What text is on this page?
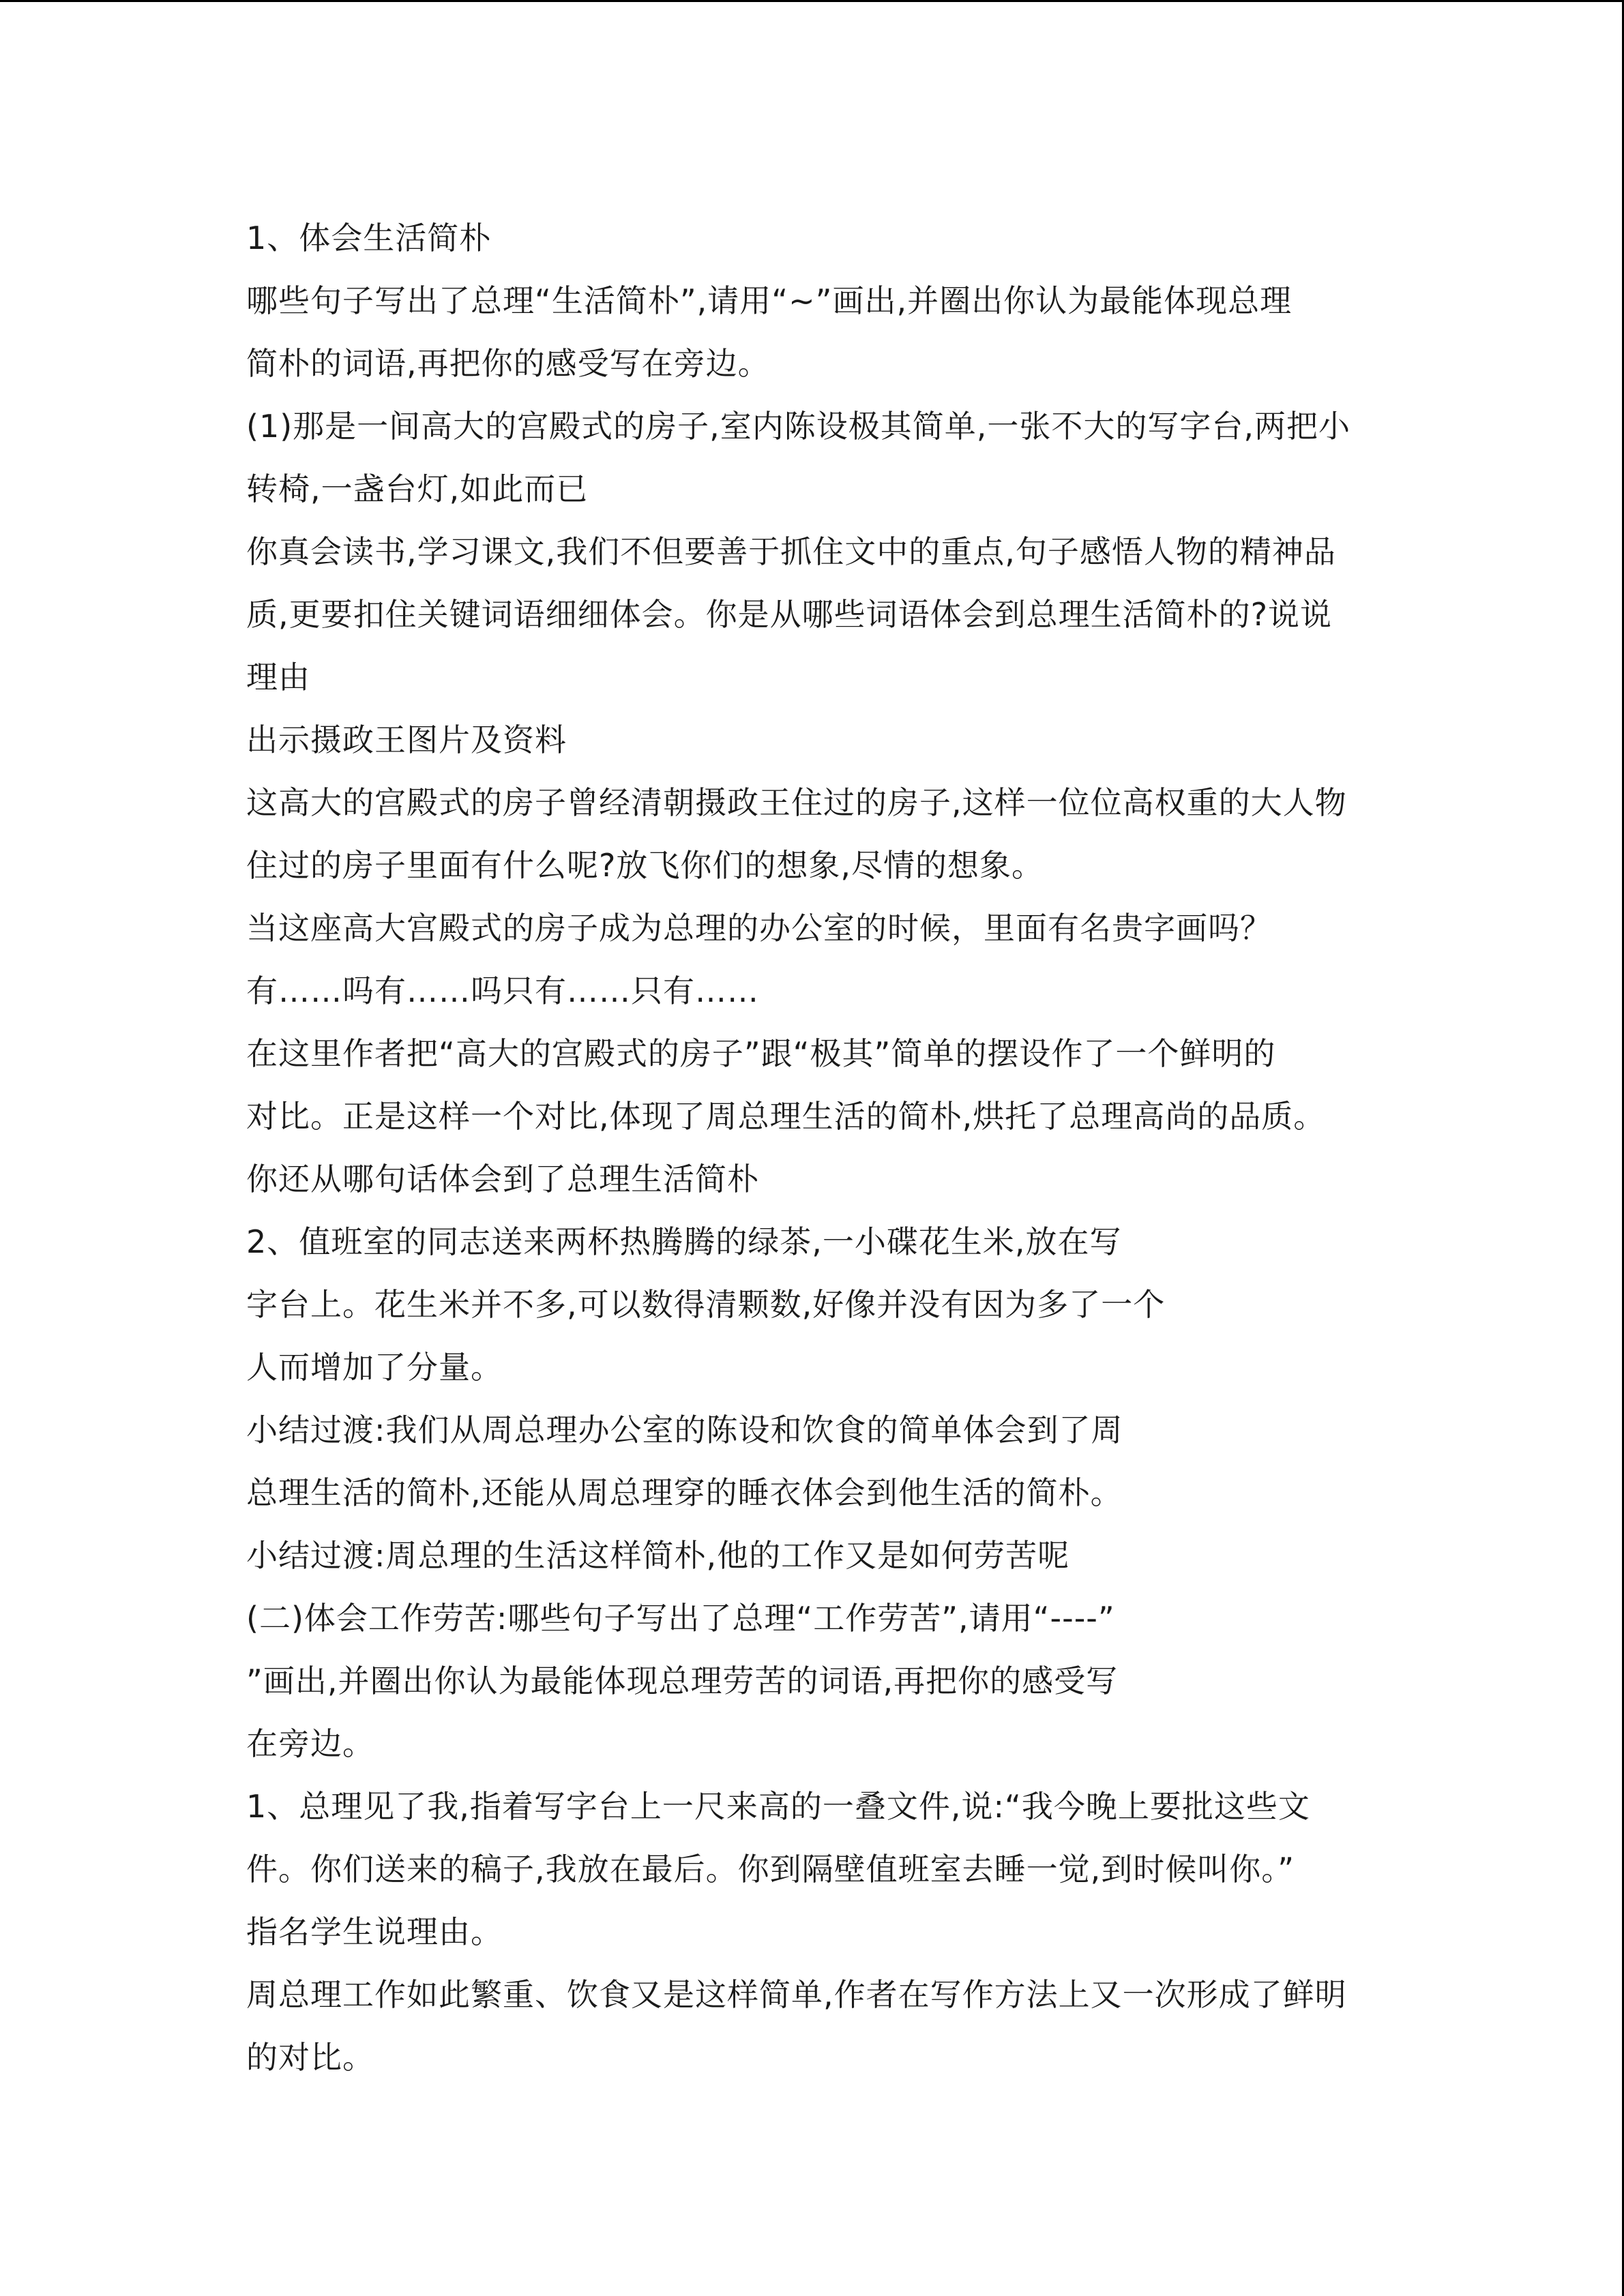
1、体会生活简朴
哪些句子写出了总理“生活简朴”,请用“~”画出,并圈出你认为最能体现总理
简朴的词语,再把你的感受写在旁边。
(1)那是一间高大的宫殿式的房子,室内陈设极其简单,一张不大的写字台,两把小
转椅,一盏台灯,如此而已
你真会读书,学习课文,我们不但要善于抓住文中的重点,句子感悟人物的精神品
质,更要扣住关键词语细细体会。你是从哪些词语体会到总理生活简朴的?说说
理由
出示摄政王图片及资料
这高大的宫殿式的房子曾经清朝摄政王住过的房子,这样一位位高权重的大人物
住过的房子里面有什么呢?放飞你们的想象,尽情的想象。
当这座高大宫殿式的房子成为总理的办公室的时候，里面有名贵字画吗？
有……吗有……吗只有……只有……
在这里作者把“高大的宫殿式的房子”跟“极其”简单的摆设作了一个鲜明的
对比。正是这样一个对比,体现了周总理生活的简朴,烘托了总理高尚的品质。
你还从哪句话体会到了总理生活简朴
2、值班室的同志送来两杯热腾腾的绿茶,一小碟花生米,放在写
字台上。花生米并不多,可以数得清颗数,好像并没有因为多了一个
人而增加了分量。
小结过渡:我们从周总理办公室的陈设和饮食的简单体会到了周
总理生活的简朴,还能从周总理穿的睡衣体会到他生活的简朴。
小结过渡:周总理的生活这样简朴,他的工作又是如何劳苦呢
(二)体会工作劳苦:哪些句子写出了总理“工作劳苦”,请用“----”
”画出,并圈出你认为最能体现总理劳苦的词语,再把你的感受写
在旁边。
1、总理见了我,指着写字台上一尺来高的一叠文件,说:“我今晚上要批这些文
件。你们送来的稿子,我放在最后。你到隔壁值班室去睡一觉,到时候叫你。”
指名学生说理由。
周总理工作如此繁重、饮食又是这样简单,作者在写作方法上又一次形成了鲜明
的对比。
